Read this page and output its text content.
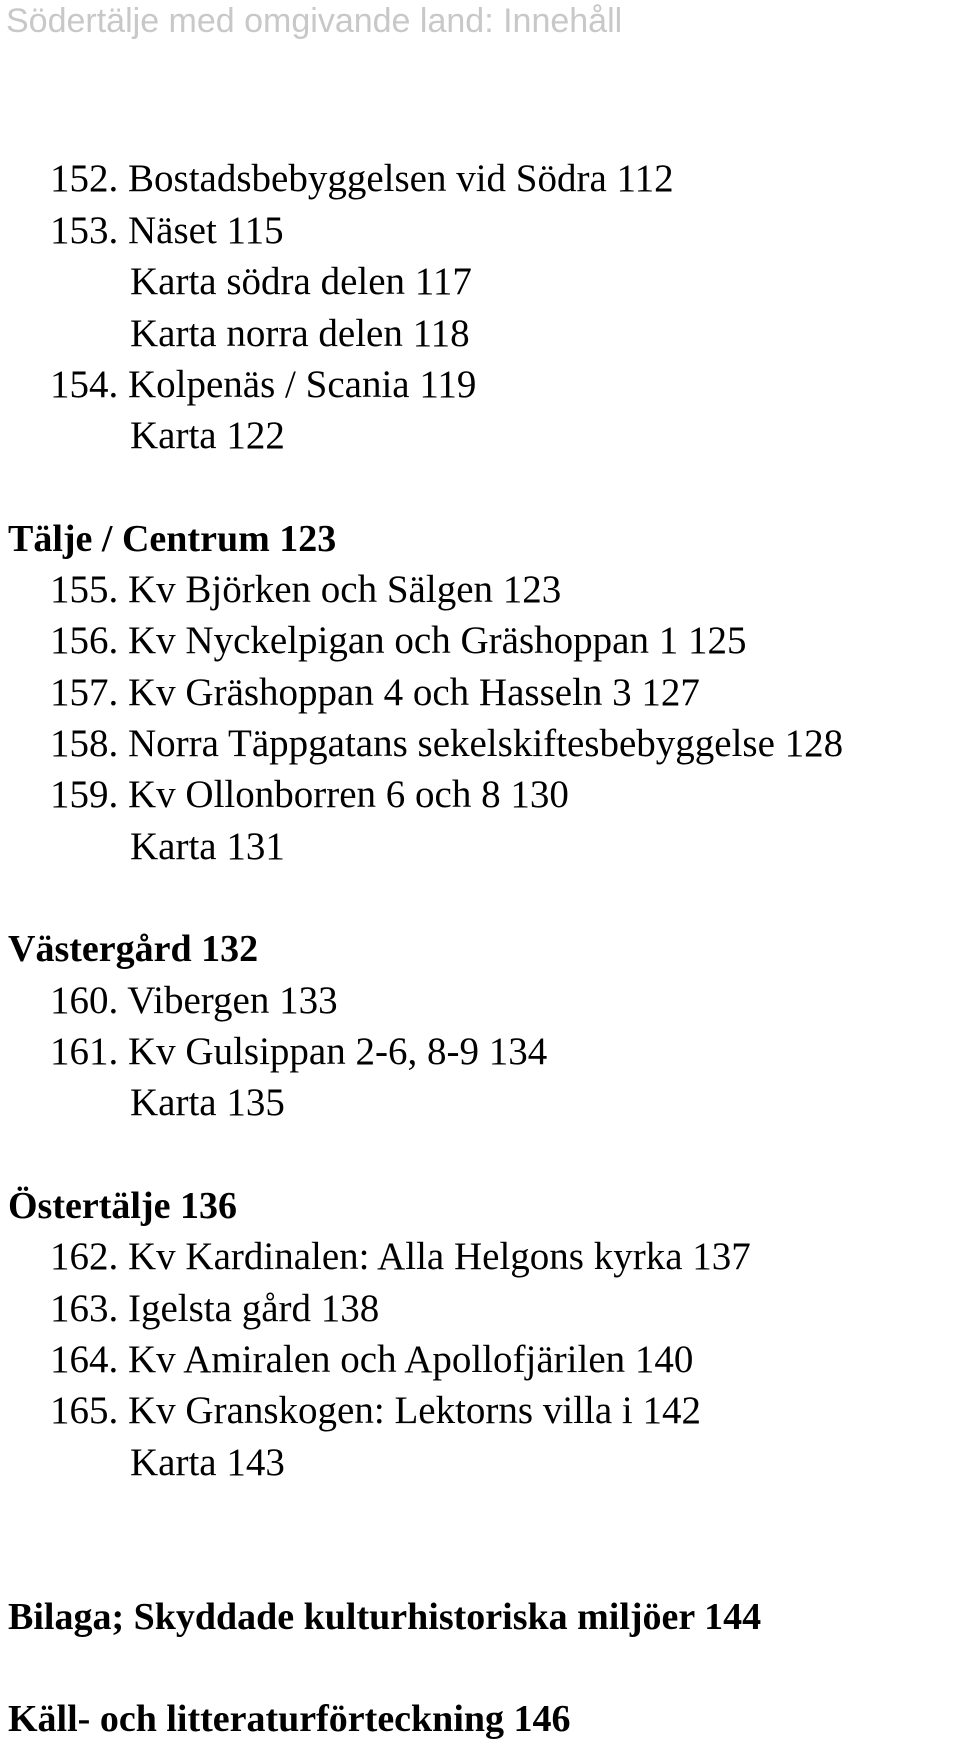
Södertälje med omgivande land: Innehåll
152. Bostadsbebyggelsen vid Södra 112
153. Näset 115
Karta södra delen 117
Karta norra delen 118
154. Kolpenäs / Scania 119
Karta 122
Tälje / Centrum 123
155. Kv Björken och Sälgen 123
156. Kv Nyckelpigan och Gräshoppan 1 125
157. Kv Gräshoppan 4 och Hasseln 3 127
158. Norra Täppgatans sekelskiftesbebyggelse 128
159. Kv Ollonborren 6 och 8 130
Karta 131
Västergård 132
160. Vibergen 133
161. Kv Gulsippan 2-6, 8-9 134
Karta 135
Östertälje 136
162. Kv Kardinalen: Alla Helgons kyrka 137
163. Igelsta gård 138
164. Kv Amiralen och Apollofjärilen 140
165. Kv Granskogen: Lektorns villa i 142
Karta 143
Bilaga; Skyddade kulturhistoriska miljöer 144
Käll- och litteraturförteckning 146
